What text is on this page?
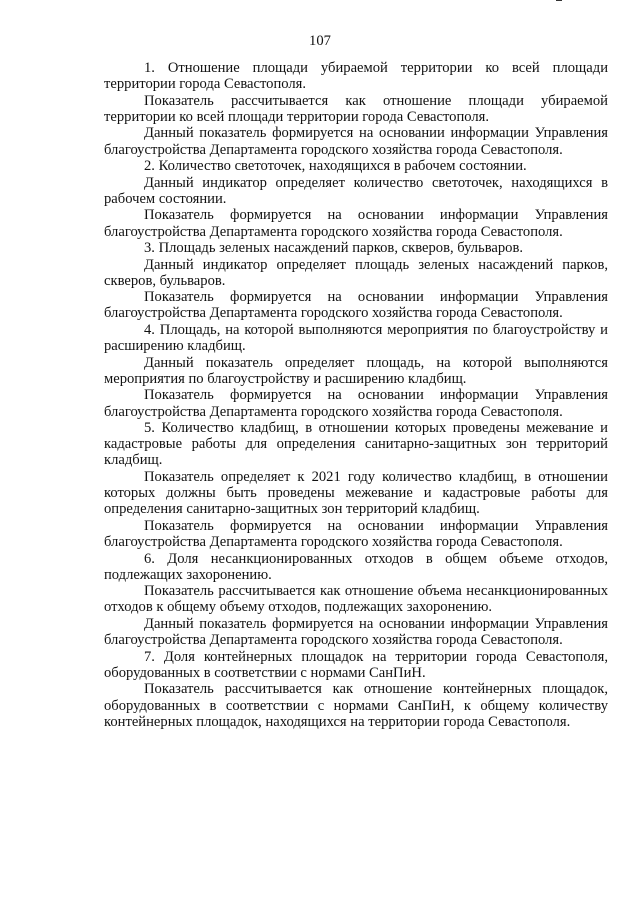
107

1. Отношение площади убираемой территории ко всей площади территории города Севастополя.

Показатель рассчитывается как отношение площади убираемой территории ко всей площади территории города Севастополя.

Данный показатель формируется на основании информации Управления благоустройства Департамента городского хозяйства города Севастополя.

2. Количество светоточек, находящихся в рабочем состоянии.

Данный индикатор определяет количество светоточек, находящихся в рабочем состоянии.

Показатель формируется на основании информации Управления благоустройства Департамента городского хозяйства города Севастополя.

3. Площадь зеленых насаждений парков, скверов, бульваров.

Данный индикатор определяет площадь зеленых насаждений парков, скверов, бульваров.

Показатель формируется на основании информации Управления благоустройства Департамента городского хозяйства города Севастополя.

4. Площадь, на которой выполняются мероприятия по благоустройству и расширению кладбищ.

Данный показатель определяет площадь, на которой выполняются мероприятия по благоустройству и расширению кладбищ.

Показатель формируется на основании информации Управления благоустройства Департамента городского хозяйства города Севастополя.

5. Количество кладбищ, в отношении которых проведены межевание и кадастровые работы для определения санитарно-защитных зон территорий кладбищ.

Показатель определяет к 2021 году количество кладбищ, в отношении которых должны быть проведены межевание и кадастровые работы для определения санитарно-защитных зон территорий кладбищ.

Показатель формируется на основании информации Управления благоустройства Департамента городского хозяйства города Севастополя.

6. Доля несанкционированных отходов в общем объеме отходов, подлежащих захоронению.

Показатель рассчитывается как отношение объема несанкционированных отходов к общему объему отходов, подлежащих захоронению.

Данный показатель формируется на основании информации Управления благоустройства Департамента городского хозяйства города Севастополя.

7. Доля контейнерных площадок на территории города Севастополя, оборудованных в соответствии с нормами СанПиН.

Показатель рассчитывается как отношение контейнерных площадок, оборудованных в соответствии с нормами СанПиН, к общему количеству контейнерных площадок, находящихся на территории города Севастополя.
